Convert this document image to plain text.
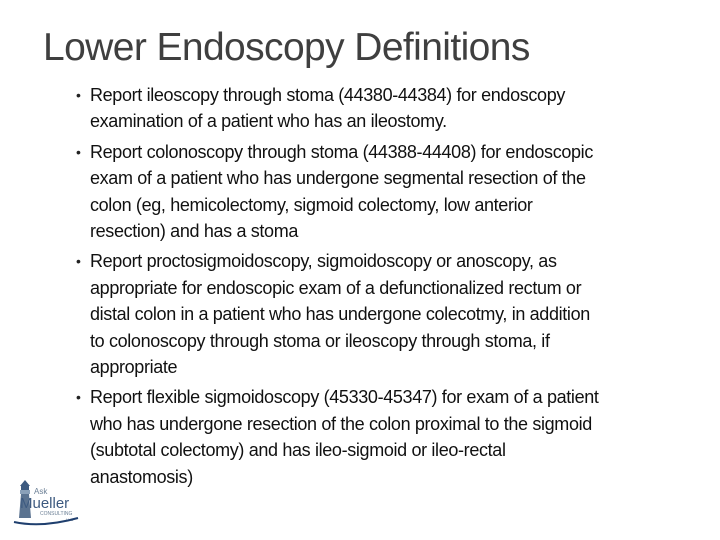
Lower Endoscopy Definitions
• Report ileoscopy through stoma (44380-44384) for endoscopy
examination of a patient who has an ileostomy.
• Report colonoscopy through stoma (44388-44408) for endoscopic
exam of a patient who has undergone segmental resection of the
colon (eg, hemicolectomy, sigmoid colectomy, low anterior
resection) and has a stoma
• Report proctosigmoidoscopy, sigmoidoscopy or anoscopy, as
appropriate for endoscopic exam of a defunctionalized rectum or
distal colon in a patient who has undergone colecotmy, in addition
to colonoscopy through stoma or ileoscopy through stoma, if
appropriate
• Report flexible sigmoidoscopy (45330-45347) for exam of a patient
who has undergone resection of the colon proximal to the sigmoid
(subtotal colectomy) and has ileo-sigmoid or ileo-rectal
anastomosis)
Ask
Mueller
CONSULTING
LLC
